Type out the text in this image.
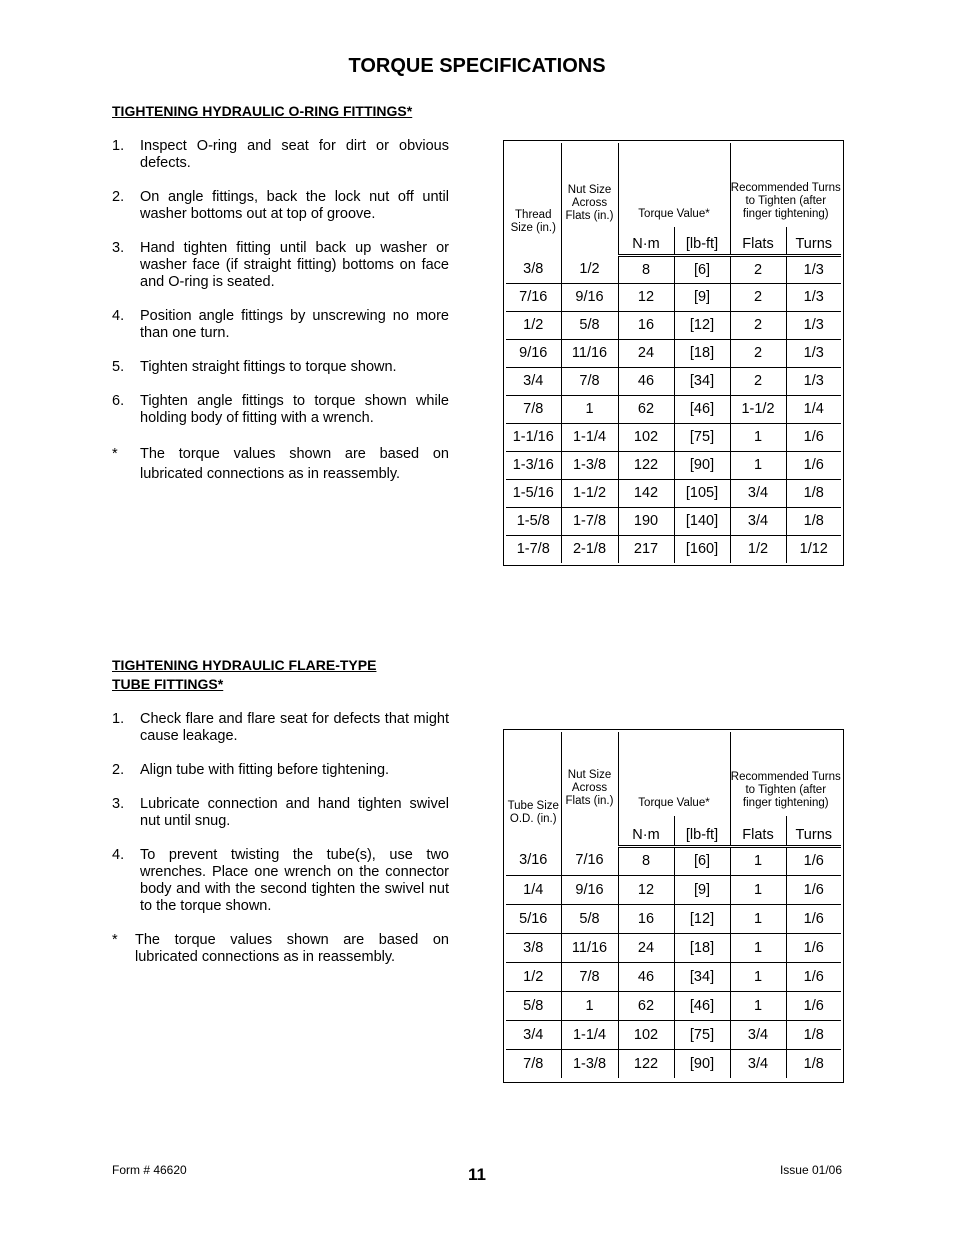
TORQUE SPECIFICATIONS
TIGHTENING HYDRAULIC O-RING FITTINGS*
1. Inspect O-ring and seat for dirt or obvious defects.
2. On angle fittings, back the lock nut off until washer bottoms out at top of groove.
3. Hand tighten fitting until back up washer or washer face (if straight fitting) bottoms on face and O-ring is seated.
4. Position angle fittings by unscrewing no more than one turn.
5. Tighten straight fittings to torque shown.
6. Tighten angle fittings to torque shown while holding body of fitting with a wrench.
* The torque values shown are based on lubricated connections as in reassembly.
Thread Size (in.)	Nut Size Across Flats (in.)	Torque Value*		Recommended Turns to Tighten (after finger tightening)	
		N·m	[lb-ft]	Flats	Turns
3/8	1/2	8	[6]	2	1/3
7/16	9/16	12	[9]	2	1/3
1/2	5/8	16	[12]	2	1/3
9/16	11/16	24	[18]	2	1/3
3/4	7/8	46	[34]	2	1/3
7/8	1	62	[46]	1-1/2	1/4
1-1/16	1-1/4	102	[75]	1	1/6
1-3/16	1-3/8	122	[90]	1	1/6
1-5/16	1-1/2	142	[105]	3/4	1/8
1-5/8	1-7/8	190	[140]	3/4	1/8
1-7/8	2-1/8	217	[160]	1/2	1/12
TIGHTENING HYDRAULIC FLARE-TYPE
TUBE FITTINGS*
1. Check flare and flare seat for defects that might cause leakage.
2. Align tube with fitting before tightening.
3. Lubricate connection and hand tighten swivel nut until snug.
4. To prevent twisting the tube(s), use two wrenches. Place one wrench on the connector body and with the second tighten the swivel nut to the torque shown.
* The torque values shown are based on lubricated connections as in reassembly.
Tube Size O.D. (in.)	Nut Size Across Flats (in.)	Torque Value*		Recommended Turns to Tighten (after finger tightening)	
		N·m	[lb-ft]	Flats	Turns
3/16	7/16	8	[6]	1	1/6
1/4	9/16	12	[9]	1	1/6
5/16	5/8	16	[12]	1	1/6
3/8	11/16	24	[18]	1	1/6
1/2	7/8	46	[34]	1	1/6
5/8	1	62	[46]	1	1/6
3/4	1-1/4	102	[75]	3/4	1/8
7/8	1-3/8	122	[90]	3/4	1/8
Form # 46620	11	Issue 01/06
